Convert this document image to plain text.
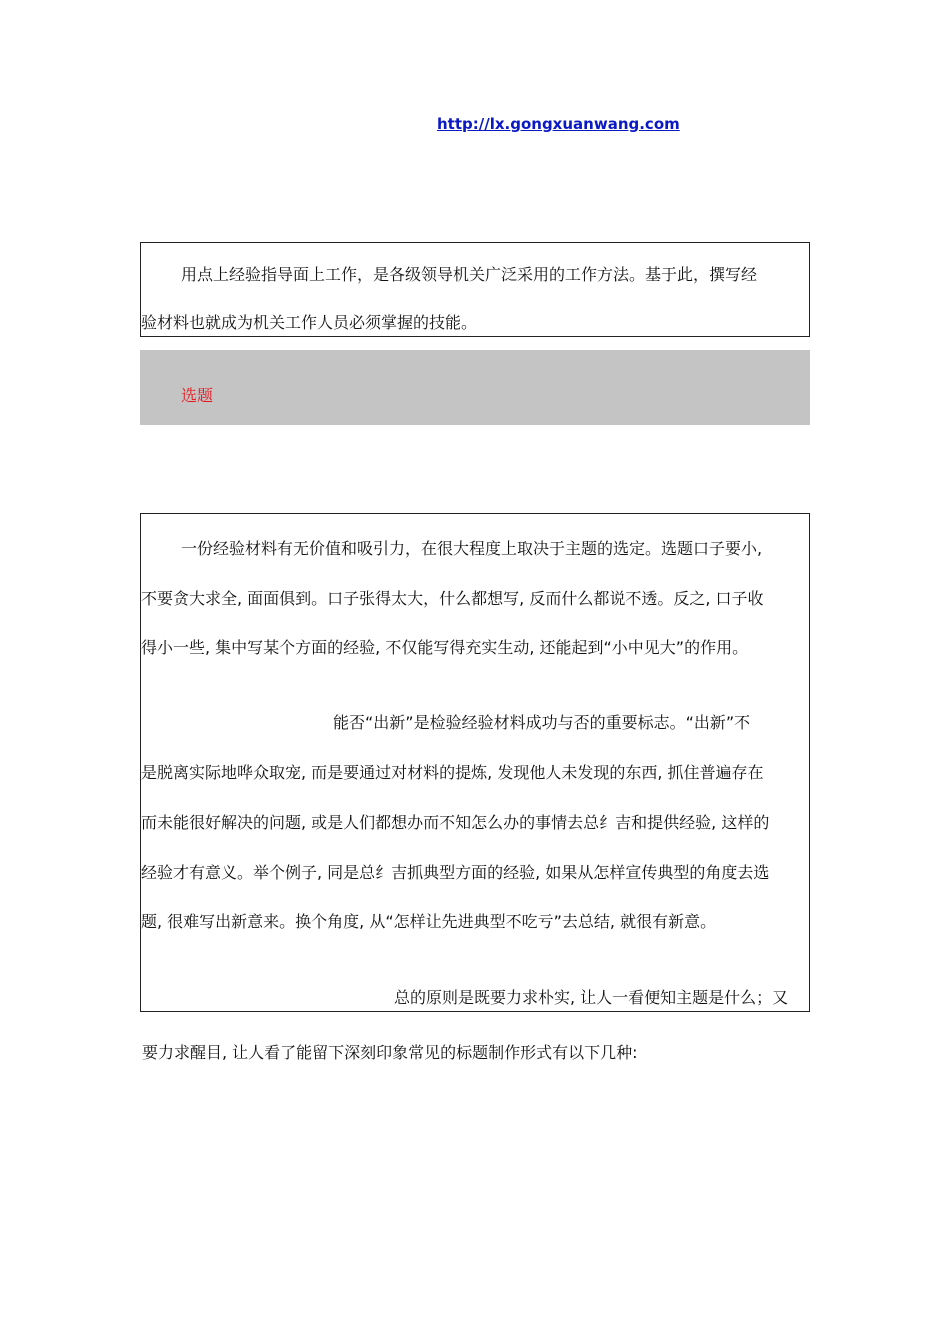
http://lx.gongxuanwang.com
用点上经验指导面上工作，是各级领导机关广泛采用的工作方法。基于此，撰写经
验材料也就成为机关工作人员必须掌握的技能。
选题
一份经验材料有无价值和吸引力，在很大程度上取决于主题的选定。选题口子要小,
不要贪大求全, 面面俱到。口子张得太大，什么都想写, 反而什么都说不透。反之, 口子收
得小一些, 集中写某个方面的经验, 不仅能写得充实生动, 还能起到“小中见大”的作用。
能否“出新”是检验经验材料成功与否的重要标志。“出新”不
是脱离实际地哗众取宠, 而是要通过对材料的提炼, 发现他人未发现的东西, 抓住普遍存在
而未能很好解决的问题, 或是人们都想办而不知怎么办的事情去总纟吉和提供经验, 这样的
经验才有意义。举个例子, 同是总纟吉抓典型方面的经验, 如果从怎样宣传典型的角度去选
题, 很难写出新意来。换个角度, 从“怎样让先进典型不吃亏”去总结, 就很有新意。
总的原则是既要力求朴实, 让人一看便知主题是什么；又
要力求醒目, 让人看了能留下深刻印象常见的标题制作形式有以下几种:
